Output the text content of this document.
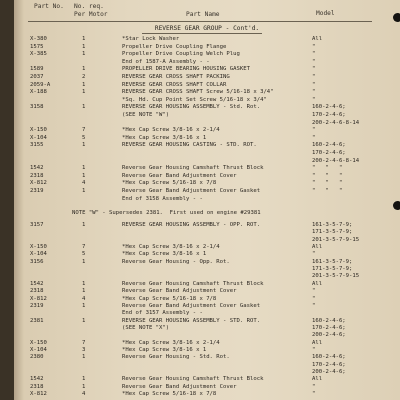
Part No. No. req.
Per Motor	Part Name	Model
REVERSE GEAR GROUP - Cont'd.
X-380	1	*Star Lock Washer	All
1575	1	Propeller Drive Coupling Flange	"
X-385	1	Propeller Drive Coupling Welch Plug	"
End of 1587-A Assembly - -	"
1589	1	PROPELLER DRIVE BEARING HOUSING GASKET	"
2037	2	REVERSE GEAR CROSS SHAFT PACKING	"
2059-A	1	REVERSE GEAR CROSS SHAFT COLLAR	"
X-188	1	REVERSE GEAR CROSS SHAFT Screw 5/16-18 x 3/4"	"
*Sq. Hd. Cup Point Set Screw 5/16-18 x 3/4"	"
3158	1	REVERSE GEAR HOUSING ASSEMBLY - Std. Rot.	160-2-4-6;
(SEE NOTE "W")	170-2-4-6;
200-2-4-6-8-14
X-150	7	*Hex Cap Screw 3/8-16 x 2-1/4	"
X-104	5	*Hex Cap Screw 3/8-16 x 1	"
3155	1	REVERSE GEAR HOUSING CASTING - STD. ROT.	160-2-4-6;
170-2-4-6;
200-2-4-6-8-14
1542	1	Reverse Gear Housing Camshaft Thrust Block	"   "   "
2318	1	Reverse Gear Band Adjustment Cover	"   "   "
X-812	4	*Hex Cap Screw 5/16-18 x 7/8	"   "   "
2319	1	Reverse Gear Band Adjustment Cover Gasket	"   "   "
End of 3158 Assembly - -
NOTE "W" - Supersedes 2381.  First used on engine #29381
3157	1	REVERSE GEAR HOUSING ASSEMBLY - OPP. ROT.	161-3-5-7-9;
171-3-5-7-9;
201-3-5-7-9-15
X-150	7	*Hex Cap Screw 3/8-16 x 2-1/4	All
X-104	5	*Hex Cap Screw 3/8-16 x 1	"
3156	1	Reverse Gear Housing - Opp. Rot.	161-3-5-7-9;
171-3-5-7-9;
201-3-5-7-9-15
1542	1	Reverse Gear Housing Camshaft Thrust Block	All
2318	1	Reverse Gear Band Adjustment Cover	"
X-812	4	*Hex Cap Screw 5/16-18 x 7/8	"
2319	1	Reverse Gear Band Adjustment Cover Gasket	"
End of 3157 Assembly - -
2381	1	REVERSE GEAR HOUSING ASSEMBLY - STD. ROT.	160-2-4-6;
(SEE NOTE "X")	170-2-4-6;
200-2-4-6;
X-150	7	*Hex Cap Screw 3/8-16 x 2-1/4	All
X-104	3	*Hex Cap Screw 3/8-16 x 1	"
2380	1	Reverse Gear Housing - Std. Rot.	160-2-4-6;
170-2-4-6;
200-2-4-6;
1542	1	Reverse Gear Housing Camshaft Thrust Block	All
2318	1	Reverse Gear Band Adjustment Cover	"
X-812	4	*Hex Cap Screw 5/16-18 x 7/8	"
